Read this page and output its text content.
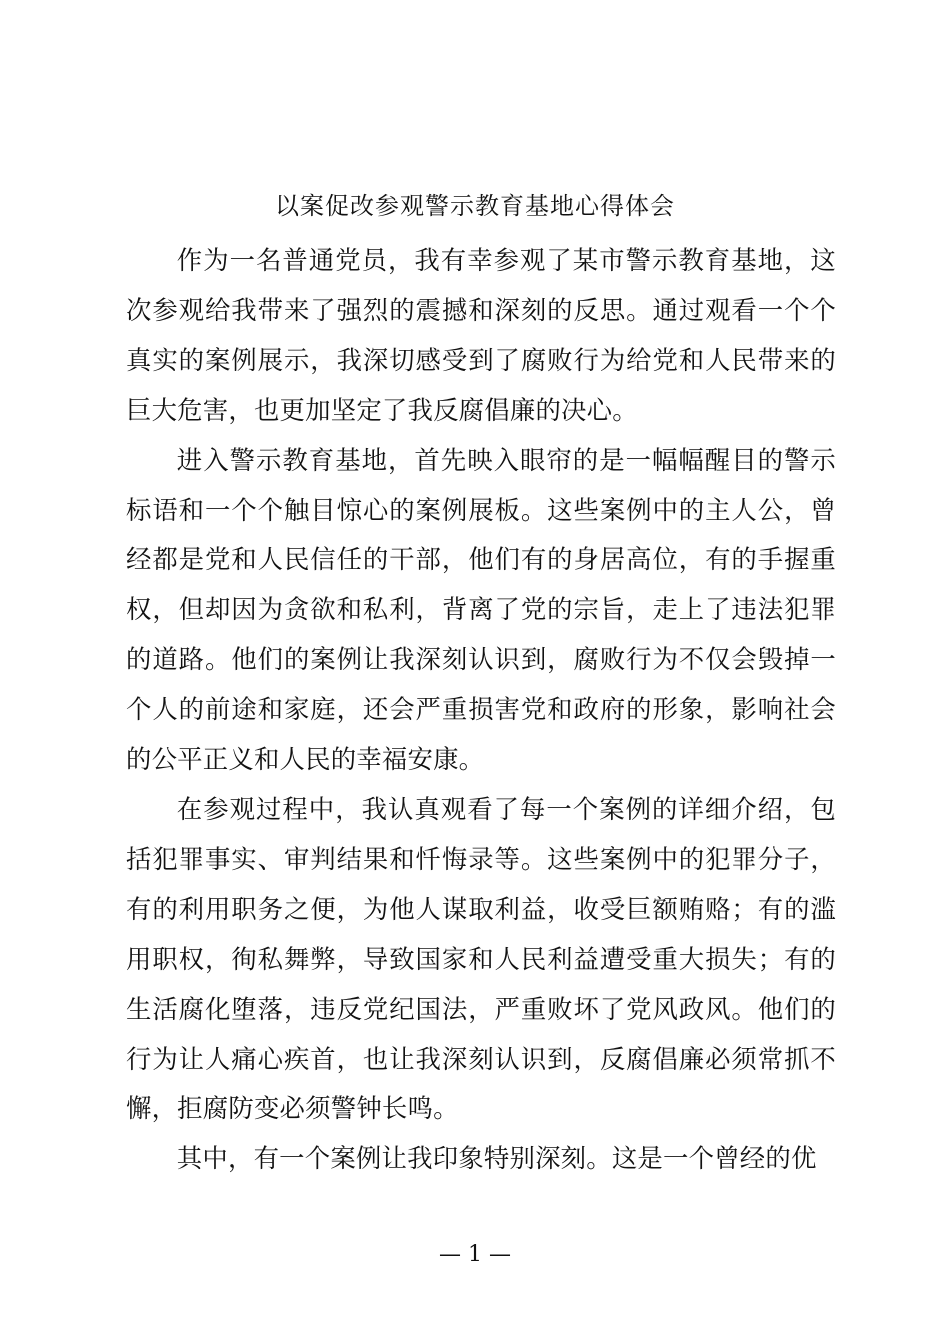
以案促改参观警示教育基地心得体会

作为一名普通党员，我有幸参观了某市警示教育基地，这次参观给我带来了强烈的震撼和深刻的反思。通过观看一个个真实的案例展示，我深切感受到了腐败行为给党和人民带来的巨大危害，也更加坚定了我反腐倡廉的决心。

进入警示教育基地，首先映入眼帘的是一幅幅醒目的警示标语和一个个触目惊心的案例展板。这些案例中的主人公，曾经都是党和人民信任的干部，他们有的身居高位，有的手握重权，但却因为贪欲和私利，背离了党的宗旨，走上了违法犯罪的道路。他们的案例让我深刻认识到，腐败行为不仅会毁掉一个人的前途和家庭，还会严重损害党和政府的形象，影响社会的公平正义和人民的幸福安康。

在参观过程中，我认真观看了每一个案例的详细介绍，包括犯罪事实、审判结果和忏悔录等。这些案例中的犯罪分子，有的利用职务之便，为他人谋取利益，收受巨额贿赂；有的滥用职权，徇私舞弊，导致国家和人民利益遭受重大损失；有的生活腐化堕落，违反党纪国法，严重败坏了党风政风。他们的行为让人痛心疾首，也让我深刻认识到，反腐倡廉必须常抓不懈，拒腐防变必须警钟长鸣。

其中，有一个案例让我印象特别深刻。这是一个曾经的优

— 1 —
